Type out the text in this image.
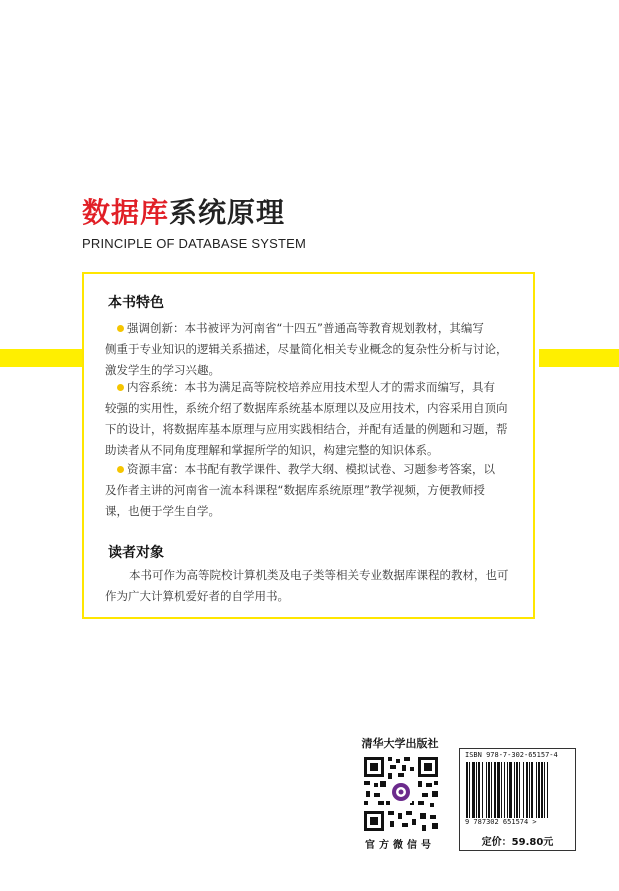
数据库系统原理
PRINCIPLE OF DATABASE SYSTEM
本书特色
强调创新：本书被评为河南省“十四五”普通高等教育规划教材，其编写
侧重于专业知识的逻辑关系描述，尽量简化相关专业概念的复杂性分析与讨论，
激发学生的学习兴趣。
内容系统：本书为满足高等院校培养应用技术型人才的需求而编写，具有
较强的实用性，系统介绍了数据库系统基本原理以及应用技术，内容采用自顶向
下的设计，将数据库基本原理与应用实践相结合，并配有适量的例题和习题，帮
助读者从不同角度理解和掌握所学的知识，构建完整的知识体系。
资源丰富：本书配有教学课件、教学大纲、模拟试卷、习题参考答案，以
及作者主讲的河南省一流本科课程“数据库系统原理”教学视频，方便教师授
课，也便于学生自学。
读者对象
本书可作为高等院校计算机类及电子类等相关专业数据库课程的教材，也可
作为广大计算机爱好者的自学用书。
清华大学出版社
官方微信号
ISBN 978-7-302-65157-4
9 787302 651574 >
定价：59.80元
